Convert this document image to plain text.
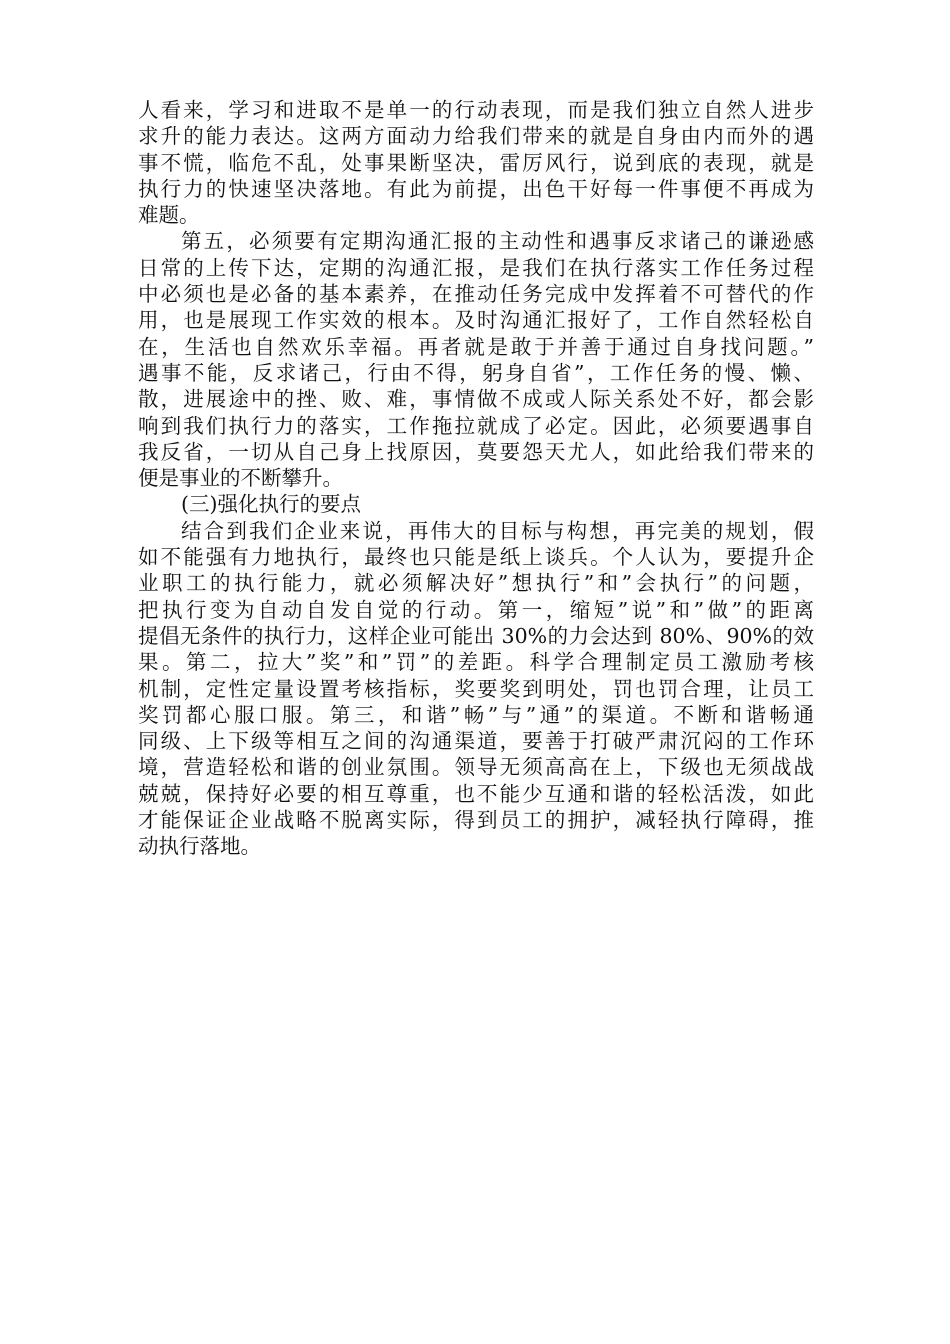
人看来，学习和进取不是单一的行动表现，而是我们独立自然人进步
求升的能力表达。这两方面动力给我们带来的就是自身由内而外的遇
事不慌，临危不乱，处事果断坚决，雷厉风行，说到底的表现，就是
执行力的快速坚决落地。有此为前提，出色干好每一件事便不再成为
难题。
第五，必须要有定期沟通汇报的主动性和遇事反求诸己的谦逊感
日常的上传下达，定期的沟通汇报，是我们在执行落实工作任务过程
中必须也是必备的基本素养，在推动任务完成中发挥着不可替代的作
用，也是展现工作实效的根本。及时沟通汇报好了，工作自然轻松自
在，生活也自然欢乐幸福。再者就是敢于并善于通过自身找问题。”
遇事不能，反求诸己，行由不得，躬身自省”，工作任务的慢、懒、
散，进展途中的挫、败、难，事情做不成或人际关系处不好，都会影
响到我们执行力的落实，工作拖拉就成了必定。因此，必须要遇事自
我反省，一切从自己身上找原因，莫要怨天尤人，如此给我们带来的
便是事业的不断攀升。
(三)强化执行的要点
结合到我们企业来说，再伟大的目标与构想，再完美的规划，假
如不能强有力地执行，最终也只能是纸上谈兵。个人认为，要提升企
业职工的执行能力，就必须解决好”想执行”和”会执行”的问题，
把执行变为自动自发自觉的行动。第一，缩短”说”和”做”的距离
提倡无条件的执行力，这样企业可能出 30%的力会达到 80%、90%的效
果。第二，拉大”奖”和”罚”的差距。科学合理制定员工激励考核
机制，定性定量设置考核指标，奖要奖到明处，罚也罚合理，让员工
奖罚都心服口服。第三，和谐”畅”与”通”的渠道。不断和谐畅通
同级、上下级等相互之间的沟通渠道，要善于打破严肃沉闷的工作环
境，营造轻松和谐的创业氛围。领导无须高高在上，下级也无须战战
兢兢，保持好必要的相互尊重，也不能少互通和谐的轻松活泼，如此
才能保证企业战略不脱离实际，得到员工的拥护，减轻执行障碍，推
动执行落地。
